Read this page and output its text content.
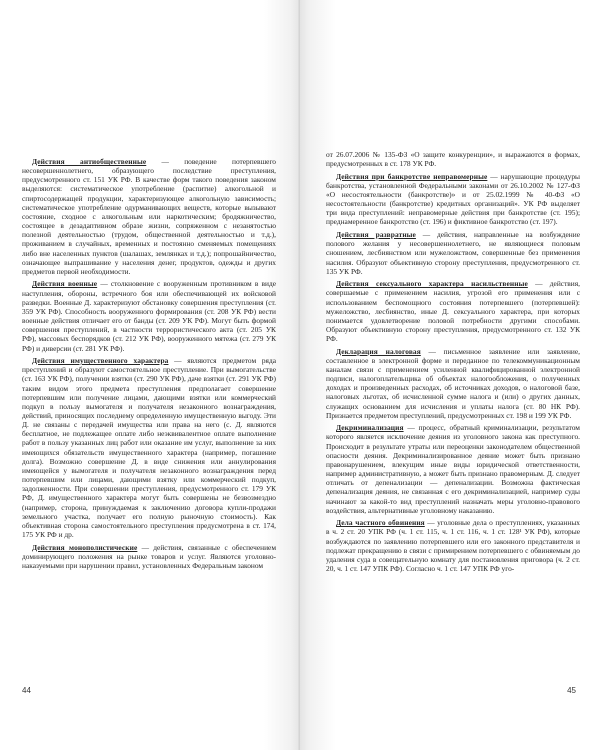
Действия антиобщественные — поведение потерпевшего несовершеннолетнего, образующего последствие преступления, предусмотренного ст. 151 УК РФ. В качестве форм такого поведения законом выделяются: систематическое употребление (распитие) алкогольной и спиртосодержащей продукции, характеризующее алкогольную зависимость; систематическое употребление одурманивающих веществ, которые вызывают состояние, сходное с алкогольным или наркотическим; бродяжничество, состоящее в дезадаптивном образе жизни, сопряженном с незанятостью полезной деятельностью (трудом, общественной деятельностью и т.д.), проживанием в случайных, временных и постоянно сменяемых помещениях либо вне населенных пунктов (шалашах, землянках и т.д.); попрошайничество, означающее выпрашивание у населения денег, продуктов, одежды и других предметов первой необходимости.

Действия военные — столкновение с вооруженным противником в виде наступления, обороны, встречного боя или обеспечивающей их войсковой разведки. Военные Д. характеризуют обстановку совершения преступления (ст. 359 УК РФ). Способность вооруженного формирования (ст. 208 УК РФ) вести военные действия отличает его от банды (ст. 209 УК РФ). Могут быть формой совершения преступлений, в частности террористического акта (ст. 205 УК РФ), массовых беспорядков (ст. 212 УК РФ), вооруженного мятежа (ст. 279 УК РФ) и диверсии (ст. 281 УК РФ).

Действия имущественного характера — являются предметом ряда преступлений и образуют самостоятельное преступление. При вымогательстве (ст. 163 УК РФ), получении взятки (ст. 290 УК РФ), даче взятки (ст. 291 УК РФ) таким видом этого предмета преступления предполагает совершение потерпевшим или получение лицами, дающими взятки или коммерческий подкуп в пользу вымогателя и получателя незаконного вознаграждения, действий, приносящих последнему определенную имущественную выгоду. Эти Д. не связаны с передачей имущества или права на него (с. Д. являются бесплатное, не подлежащее оплате либо неэквивалентное оплате выполнение работ в пользу указанных лиц работ или оказание им услуг, выполнение за них имеющихся обязательств имущественного характера (например, погашение долга). Возможно совершение Д. в виде снижения или аннулирования имеющейся у вымогателя и получателя незаконного вознаграждения перед потерпевшим или лицами, дающими взятку или коммерческий подкуп, задолженности. При совершении преступления, предусмотренного ст. 179 УК РФ, Д. имущественного характера могут быть совершены не безвозмездно (например, сторона, принуждаемая к заключению договора купли-продажи земельного участка, получает его полную рыночную стоимость). Как объективная сторона самостоятельного преступления предусмотрена в ст. 174, 175 УК РФ и др.

Действия монополистические — действия, связанные с обеспечением доминирующего положения на рынке товаров и услуг. Являются уголовно-наказуемыми при нарушении правил, установленных Федеральным законом

44

от 26.07.2006 № 135-ФЗ «О защите конкуренции», и выражаются в формах, предусмотренных в ст. 178 УК РФ.

Действия при банкротстве неправомерные — нарушающие процедуры банкротства, установленной Федеральными законами от 26.10.2002 № 127-ФЗ «О несостоятельности (банкротстве)» и от 25.02.1999 № 40-ФЗ «О несостоятельности (банкротстве) кредитных организаций». УК РФ выделяет три вида преступлений: неправомерные действия при банкротстве (ст. 195); преднамеренное банкротство (ст. 196) и фиктивное банкротство (ст. 197).

Действия развратные — действия, направленные на возбуждение полового желания у несовершеннолетнего, не являющиеся половым сношением, лесбиянством или мужеложством, совершенные без применения насилия. Образуют объективную сторону преступления, предусмотренного ст. 135 УК РФ.

Действия сексуального характера насильственные — действия, совершаемые с применением насилия, угрозой его применения или с использованием беспомощного состояния потерпевшего (потерпевшей): мужеложство, лесбиянство, иные Д. сексуального характера, при которых понимается удовлетворение половой потребности другими способами. Образуют объективную сторону преступления, предусмотренного ст. 132 УК РФ.

Декларация налоговая — письменное заявление или заявление, составленное в электронной форме и переданное по телекоммуникационным каналам связи с применением усиленной квалифицированной электронной подписи, налогоплательщика об объектах налогообложения, о полученных доходах и произведенных расходах, об источниках доходов, о налоговой базе, налоговых льготах, об исчисленной сумме налога и (или) о других данных, служащих основанием для исчисления и уплаты налога (ст. 80 НК РФ). Признается предметом преступлений, предусмотренных ст. 198 и 199 УК РФ.

Декриминализация — процесс, обратный криминализации, результатом которого является исключение деяния из уголовного закона как преступного. Происходит в результате утраты или переоценки законодателем общественной опасности деяния. Декриминализированное деяние может быть признано правонарушением, влекущим иные виды юридической ответственности, например административную, а может быть признано правомерным. Д. следует отличать от депенализации — депенализации. Возможна фактическая депенализация деяния, не связанная с его декриминализацией, например суды начинают за какой-то вид преступлений назначать меры уголовно-правового воздействия, альтернативные уголовному наказанию.

Дела частного обвинения — уголовные дела о преступлениях, указанных в ч. 2 ст. 20 УПК РФ (ч. 1 ст. 115, ч. 1 ст. 116, ч. 1 ст. 128¹ УК РФ), которые возбуждаются по заявлению потерпевшего или его законного представителя и подлежат прекращению в связи с примирением потерпевшего с обвиняемым до удаления суда в совещательную комнату для постановления приговора (ч. 2 ст. 20, ч. 1 ст. 147 УПК РФ). Согласно ч. 1 ст. 147 УПК РФ уго-

45
